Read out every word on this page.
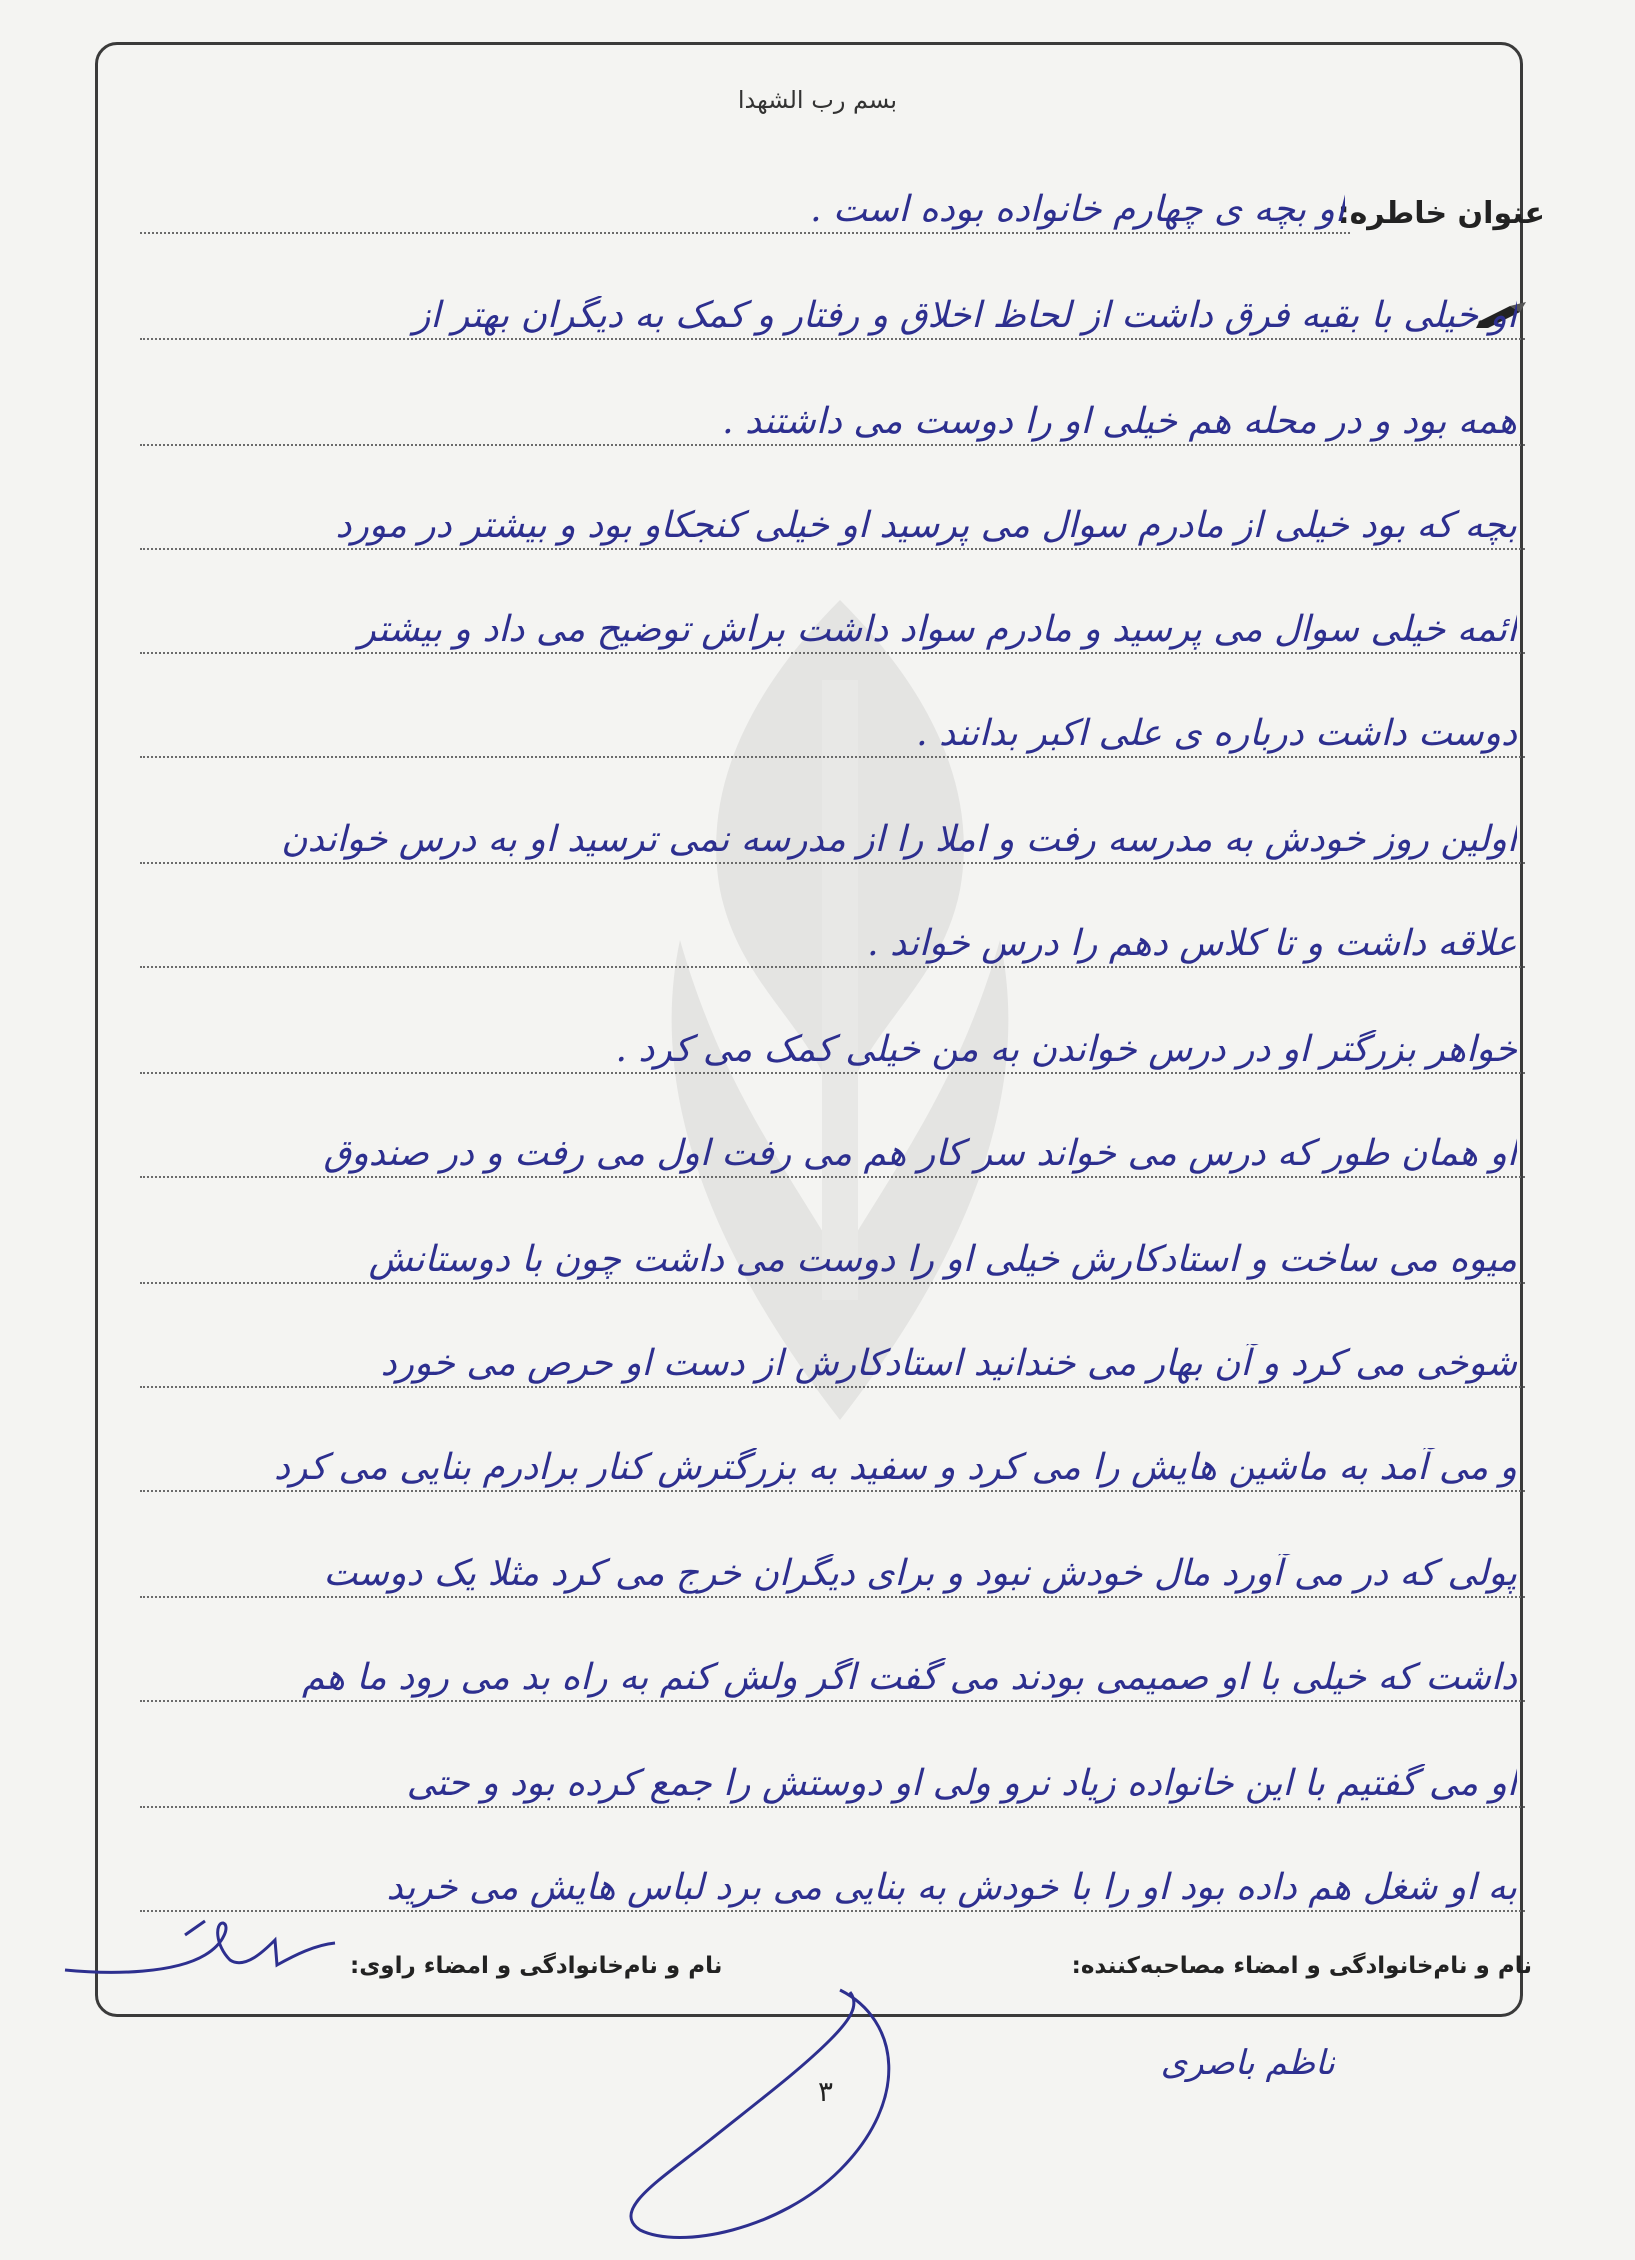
بسم رب الشهدا
عنوان خاطره:
او بچه ی چهارم خانواده بوده است .
او خیلی با بقیه فرق داشت از لحاظ اخلاق و رفتار و کمک به دیگران بهتر از
همه بود و در محله هم خیلی او را دوست می داشتند .
بچه که بود خیلی از مادرم سوال می پرسید او خیلی کنجکاو بود و بیشتر در مورد
ائمه خیلی سوال می پرسید و مادرم سواد داشت براش توضیح می داد و بیشتر
دوست داشت درباره ی علی اکبر بدانند .
اولین روز خودش به مدرسه رفت و املا را از مدرسه نمی ترسید او به درس خواندن
علاقه داشت و تا کلاس دهم را درس خواند .
خواهر بزرگتر او در درس خواندن به من خیلی کمک می کرد .
او همان طور که درس می خواند سر کار هم می رفت اول می رفت و در صندوق
میوه می ساخت و استادکارش خیلی او را دوست می داشت چون با دوستانش
شوخی می کرد و آن بهار می خندانید استادکارش از دست او حرص می خورد
و می آمد به ماشین هایش را می کرد و سفید به بزرگترش کنار برادرم بنایی می کرد
پولی که در می آورد مال خودش نبود و برای دیگران خرج می کرد مثلا یک دوست
داشت که خیلی با او صمیمی بودند می گفت اگر ولش کنم به راه بد می رود ما هم
او می گفتیم با این خانواده زیاد نرو ولی او دوستش را جمع کرده بود و حتی
به او شغل هم داده بود او را با خودش به بنایی می برد لباس هایش می خرید
نام و نام‌خانوادگی و امضاء مصاحبه‌کننده:
نام و نام‌خانوادگی و امضاء راوی:
۳
ناظم باصری
